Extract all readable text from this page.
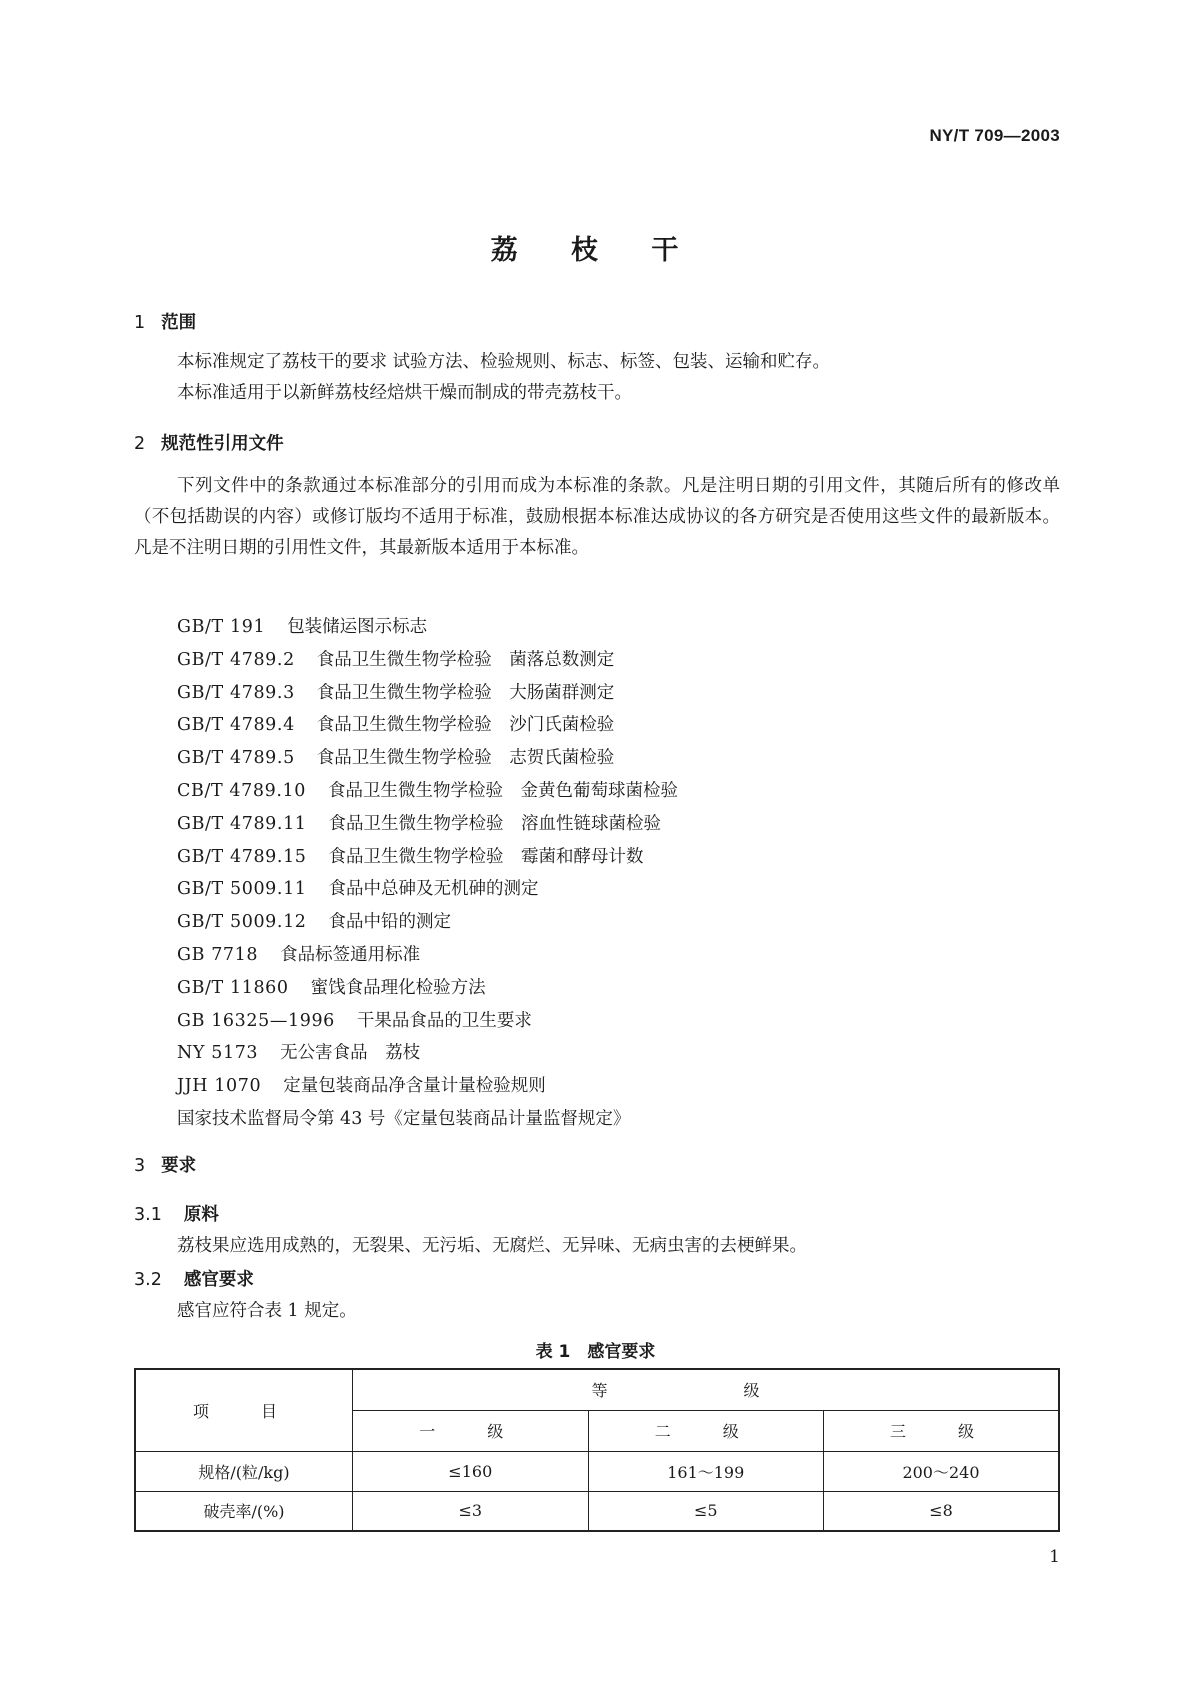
NY/T 709—2003
荔 枝 干
1 范围
本标准规定了荔枝干的要求 试验方法、检验规则、标志、标签、包装、运输和贮存。
本标准适用于以新鲜荔枝经焙烘干燥而制成的带壳荔枝干。
2 规范性引用文件
下列文件中的条款通过本标准部分的引用而成为本标准的条款。凡是注明日期的引用文件，其随后所有的修改单（不包括勘误的内容）或修订版均不适用于标准，鼓励根据本标准达成协议的各方研究是否使用这些文件的最新版本。凡是不注明日期的引用性文件，其最新版本适用于本标准。
GB/T 191 包装储运图示标志
GB/T 4789.2 食品卫生微生物学检验　菌落总数测定
GB/T 4789.3 食品卫生微生物学检验　大肠菌群测定
GB/T 4789.4 食品卫生微生物学检验　沙门氏菌检验
GB/T 4789.5 食品卫生微生物学检验　志贺氏菌检验
CB/T 4789.10 食品卫生微生物学检验　金黄色葡萄球菌检验
GB/T 4789.11 食品卫生微生物学检验　溶血性链球菌检验
GB/T 4789.15 食品卫生微生物学检验　霉菌和酵母计数
GB/T 5009.11 食品中总砷及无机砷的测定
GB/T 5009.12 食品中铅的测定
GB 7718 食品标签通用标准
GB/T 11860 蜜饯食品理化检验方法
GB 16325—1996 干果品食品的卫生要求
NY 5173 无公害食品　荔枝
JJH 1070 定量包装商品净含量计量检验规则
国家技术监督局令第 43 号《定量包装商品计量监督规定》
3 要求
3.1 原料
荔枝果应选用成熟的，无裂果、无污垢、无腐烂、无异味、无病虫害的去梗鲜果。
3.2 感官要求
感官应符合表 1 规定。
表 1　感官要求
项　目	等　级		
	一　级	二　级	三　级
规格/(粒/kg)	≤160	161～199	200～240
破壳率/(%)	≤3	≤5	≤8
1
